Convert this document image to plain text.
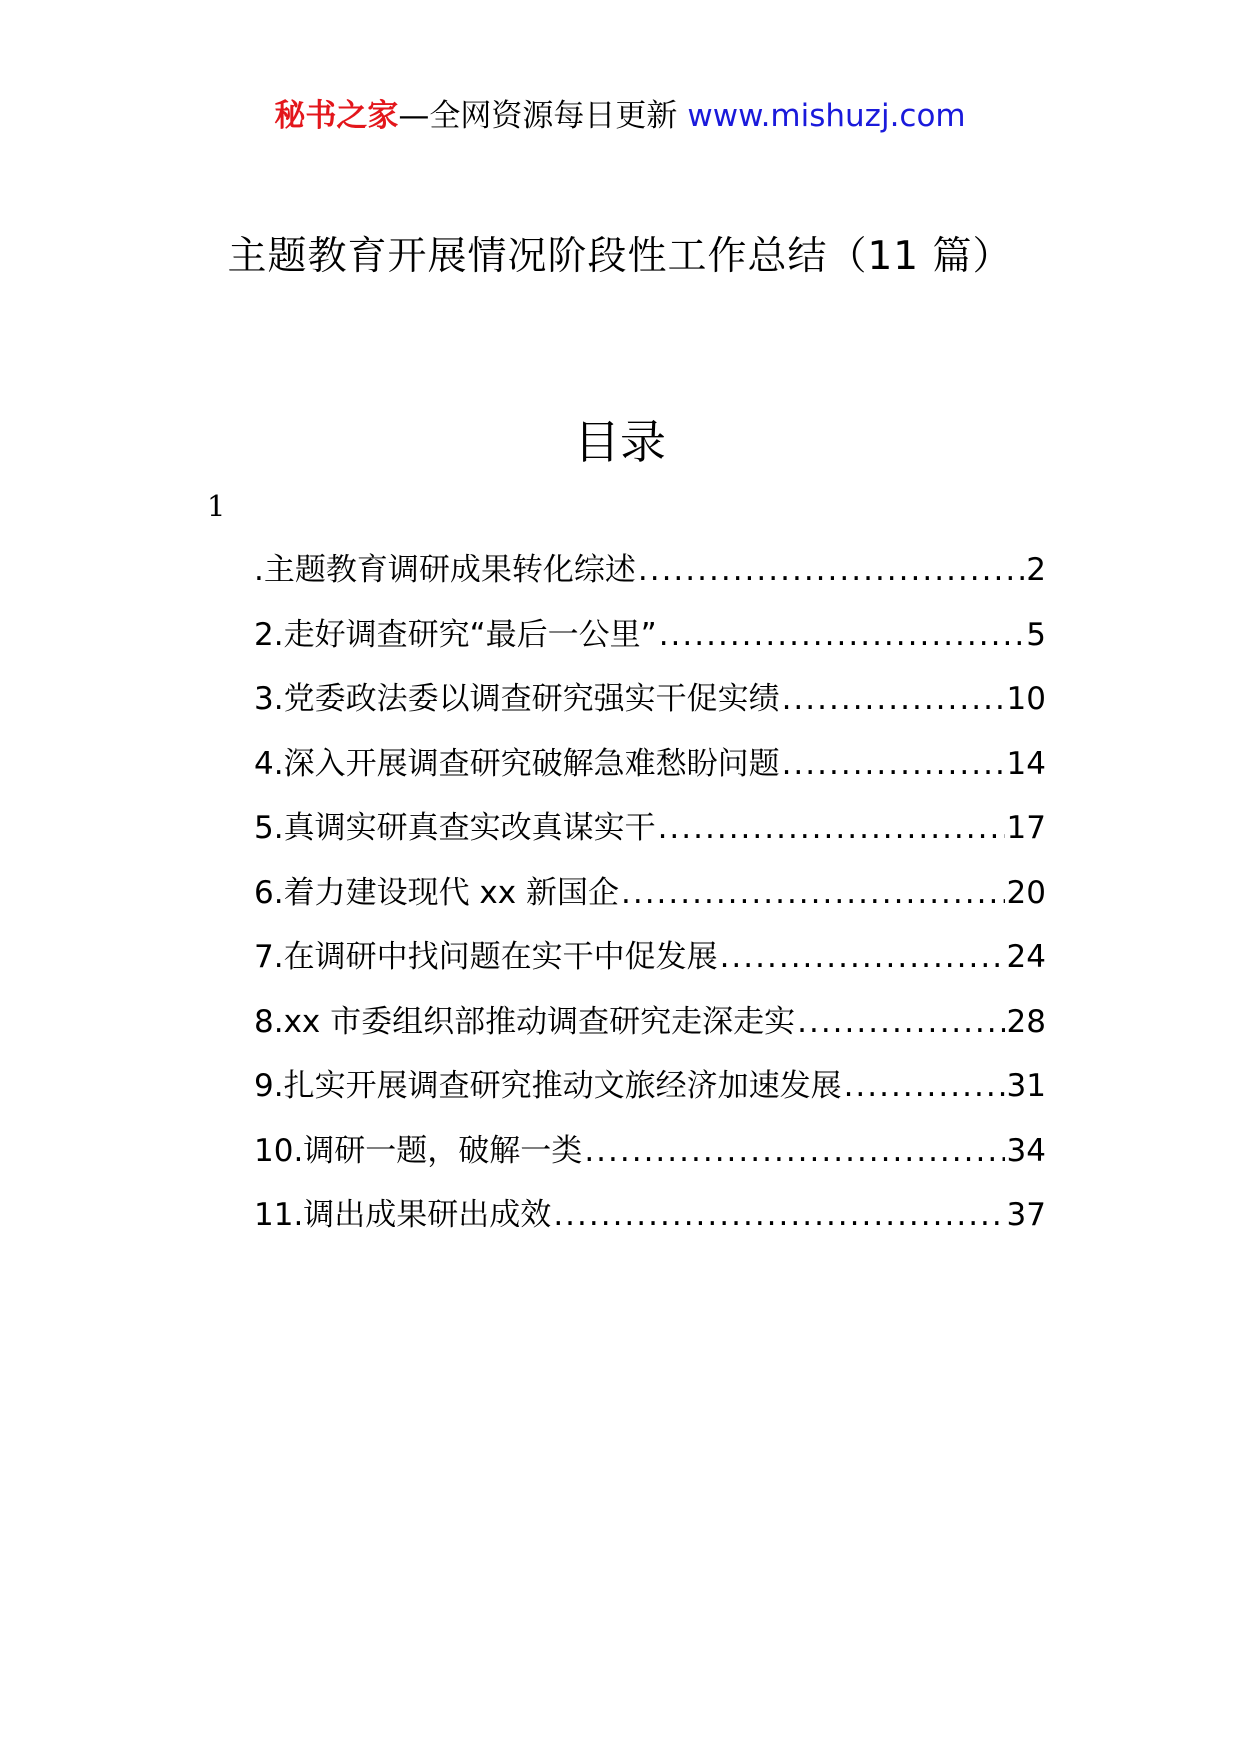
秘书之家—全网资源每日更新 www.mishuzj.com
主题教育开展情况阶段性工作总结（11 篇）
目录
1
.主题教育调研成果转化综述 .....	2
2.走好调查研究“最后一公里” .....	5
3.党委政法委以调查研究强实干促实绩 .....	10
4.深入开展调查研究破解急难愁盼问题 .....	14
5.真调实研真查实改真谋实干 .....	17
6.着力建设现代 xx 新国企 .....	20
7.在调研中找问题在实干中促发展 .....	24
8.xx 市委组织部推动调查研究走深走实 .....	28
9.扎实开展调查研究推动文旅经济加速发展 .....	31
10.调研一题，破解一类 .....	34
11.调出成果研出成效 .....	37
